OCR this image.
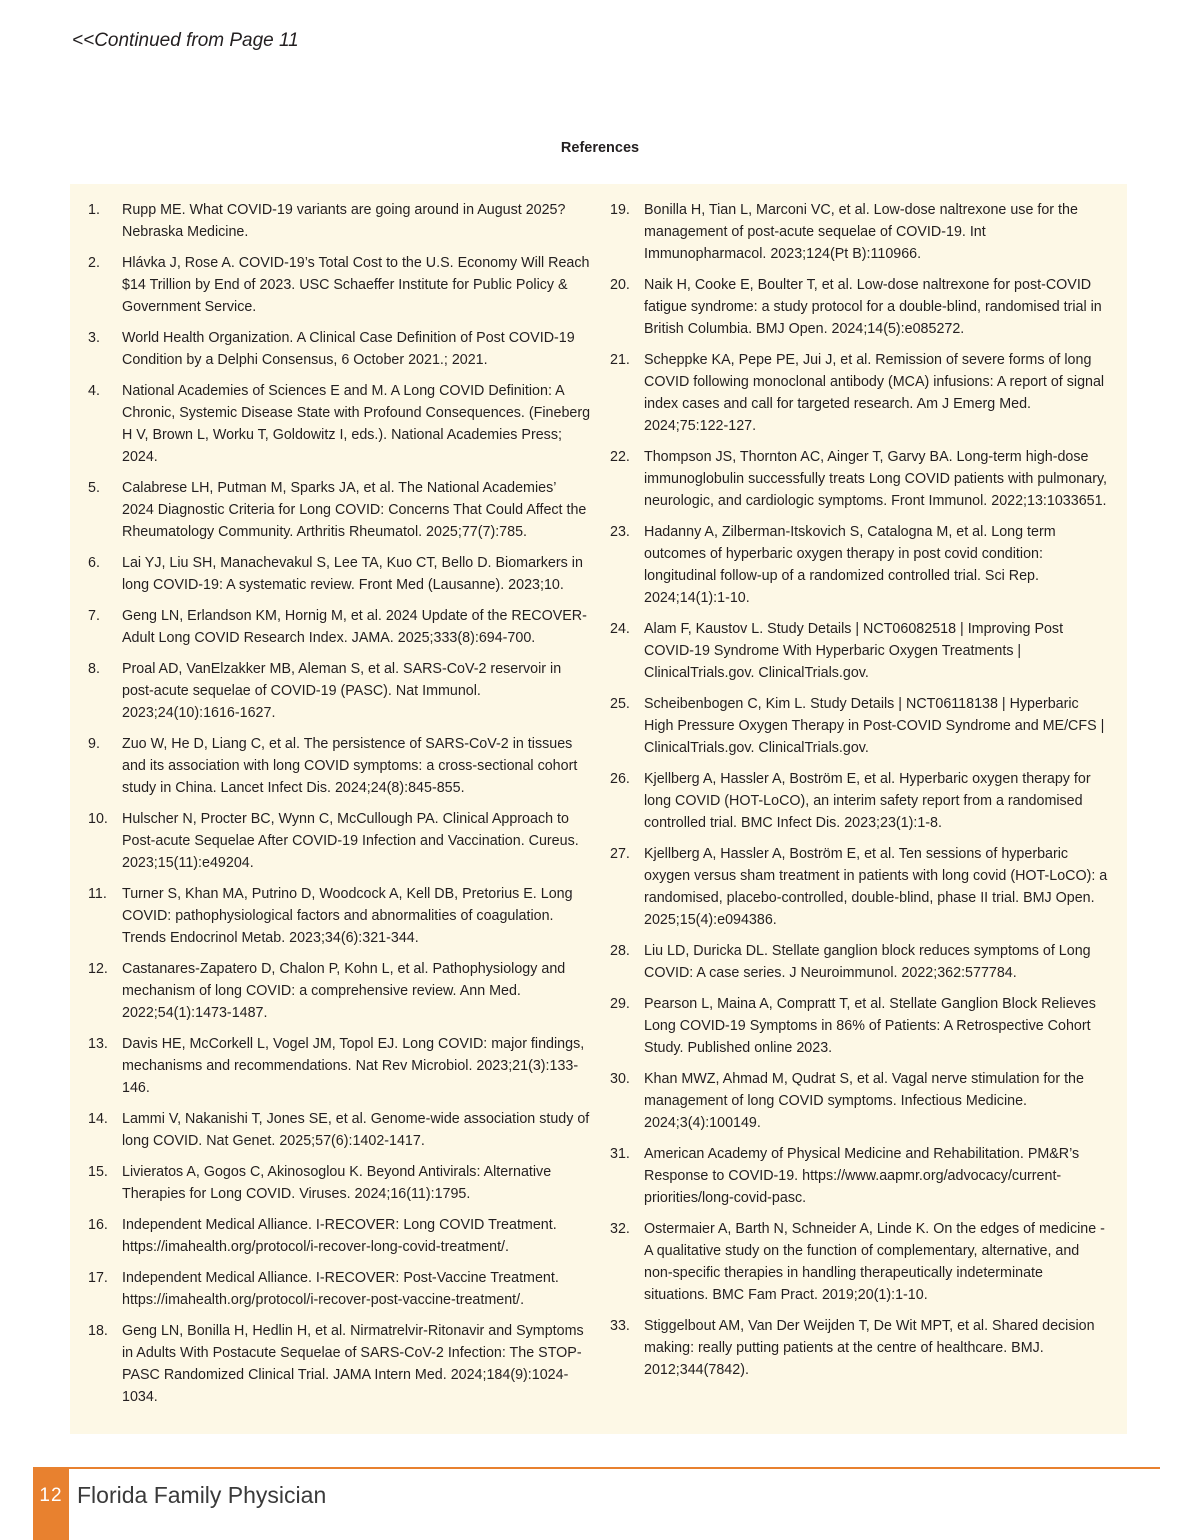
<<Continued from Page 11
References
1. Rupp ME. What COVID-19 variants are going around in August 2025? Nebraska Medicine.
2. Hlávka J, Rose A. COVID-19’s Total Cost to the U.S. Economy Will Reach $14 Trillion by End of 2023. USC Schaeffer Institute for Public Policy & Government Service.
3. World Health Organization. A Clinical Case Definition of Post COVID-19 Condition by a Delphi Consensus, 6 October 2021.; 2021.
4. National Academies of Sciences E and M. A Long COVID Definition: A Chronic, Systemic Disease State with Profound Consequences. (Fineberg H V, Brown L, Worku T, Goldowitz I, eds.). National Academies Press; 2024.
5. Calabrese LH, Putman M, Sparks JA, et al. The National Academies’ 2024 Diagnostic Criteria for Long COVID: Concerns That Could Affect the Rheumatology Community. Arthritis Rheumatol. 2025;77(7):785.
6. Lai YJ, Liu SH, Manachevakul S, Lee TA, Kuo CT, Bello D. Biomarkers in long COVID-19: A systematic review. Front Med (Lausanne). 2023;10.
7. Geng LN, Erlandson KM, Hornig M, et al. 2024 Update of the RECOVER-Adult Long COVID Research Index. JAMA. 2025;333(8):694-700.
8. Proal AD, VanElzakker MB, Aleman S, et al. SARS-CoV-2 reservoir in post-acute sequelae of COVID-19 (PASC). Nat Immunol. 2023;24(10):1616-1627.
9. Zuo W, He D, Liang C, et al. The persistence of SARS-CoV-2 in tissues and its association with long COVID symptoms: a cross-sectional cohort study in China. Lancet Infect Dis. 2024;24(8):845-855.
10. Hulscher N, Procter BC, Wynn C, McCullough PA. Clinical Approach to Post-acute Sequelae After COVID-19 Infection and Vaccination. Cureus. 2023;15(11):e49204.
11. Turner S, Khan MA, Putrino D, Woodcock A, Kell DB, Pretorius E. Long COVID: pathophysiological factors and abnormalities of coagulation. Trends Endocrinol Metab. 2023;34(6):321-344.
12. Castanares-Zapatero D, Chalon P, Kohn L, et al. Pathophysiology and mechanism of long COVID: a comprehensive review. Ann Med. 2022;54(1):1473-1487.
13. Davis HE, McCorkell L, Vogel JM, Topol EJ. Long COVID: major findings, mechanisms and recommendations. Nat Rev Microbiol. 2023;21(3):133-146.
14. Lammi V, Nakanishi T, Jones SE, et al. Genome-wide association study of long COVID. Nat Genet. 2025;57(6):1402-1417.
15. Livieratos A, Gogos C, Akinosoglou K. Beyond Antivirals: Alternative Therapies for Long COVID. Viruses. 2024;16(11):1795.
16. Independent Medical Alliance. I-RECOVER: Long COVID Treatment. https://imahealth.org/protocol/i-recover-long-covid-treatment/.
17. Independent Medical Alliance. I-RECOVER: Post-Vaccine Treatment. https://imahealth.org/protocol/i-recover-post-vaccine-treatment/.
18. Geng LN, Bonilla H, Hedlin H, et al. Nirmatrelvir-Ritonavir and Symptoms in Adults With Postacute Sequelae of SARS-CoV-2 Infection: The STOP-PASC Randomized Clinical Trial. JAMA Intern Med. 2024;184(9):1024-1034.
19. Bonilla H, Tian L, Marconi VC, et al. Low-dose naltrexone use for the management of post-acute sequelae of COVID-19. Int Immunopharmacol. 2023;124(Pt B):110966.
20. Naik H, Cooke E, Boulter T, et al. Low-dose naltrexone for post-COVID fatigue syndrome: a study protocol for a double-blind, randomised trial in British Columbia. BMJ Open. 2024;14(5):e085272.
21. Scheppke KA, Pepe PE, Jui J, et al. Remission of severe forms of long COVID following monoclonal antibody (MCA) infusions: A report of signal index cases and call for targeted research. Am J Emerg Med. 2024;75:122-127.
22. Thompson JS, Thornton AC, Ainger T, Garvy BA. Long-term high-dose immunoglobulin successfully treats Long COVID patients with pulmonary, neurologic, and cardiologic symptoms. Front Immunol. 2022;13:1033651.
23. Hadanny A, Zilberman-Itskovich S, Catalogna M, et al. Long term outcomes of hyperbaric oxygen therapy in post covid condition: longitudinal follow-up of a randomized controlled trial. Sci Rep. 2024;14(1):1-10.
24. Alam F, Kaustov L. Study Details | NCT06082518 | Improving Post COVID-19 Syndrome With Hyperbaric Oxygen Treatments | ClinicalTrials.gov. ClinicalTrials.gov.
25. Scheibenbogen C, Kim L. Study Details | NCT06118138 | Hyperbaric High Pressure Oxygen Therapy in Post-COVID Syndrome and ME/CFS | ClinicalTrials.gov. ClinicalTrials.gov.
26. Kjellberg A, Hassler A, Boström E, et al. Hyperbaric oxygen therapy for long COVID (HOT-LoCO), an interim safety report from a randomised controlled trial. BMC Infect Dis. 2023;23(1):1-8.
27. Kjellberg A, Hassler A, Boström E, et al. Ten sessions of hyperbaric oxygen versus sham treatment in patients with long covid (HOT-LoCO): a randomised, placebo-controlled, double-blind, phase II trial. BMJ Open. 2025;15(4):e094386.
28. Liu LD, Duricka DL. Stellate ganglion block reduces symptoms of Long COVID: A case series. J Neuroimmunol. 2022;362:577784.
29. Pearson L, Maina A, Compratt T, et al. Stellate Ganglion Block Relieves Long COVID-19 Symptoms in 86% of Patients: A Retrospective Cohort Study. Published online 2023.
30. Khan MWZ, Ahmad M, Qudrat S, et al. Vagal nerve stimulation for the management of long COVID symptoms. Infectious Medicine. 2024;3(4):100149.
31. American Academy of Physical Medicine and Rehabilitation. PM&R’s Response to COVID-19. https://www.aapmr.org/advocacy/current-priorities/long-covid-pasc.
32. Ostermaier A, Barth N, Schneider A, Linde K. On the edges of medicine - A qualitative study on the function of complementary, alternative, and non-specific therapies in handling therapeutically indeterminate situations. BMC Fam Pract. 2019;20(1):1-10.
33. Stiggelbout AM, Van Der Weijden T, De Wit MPT, et al. Shared decision making: really putting patients at the centre of healthcare. BMJ. 2012;344(7842).
12 Florida Family Physician
